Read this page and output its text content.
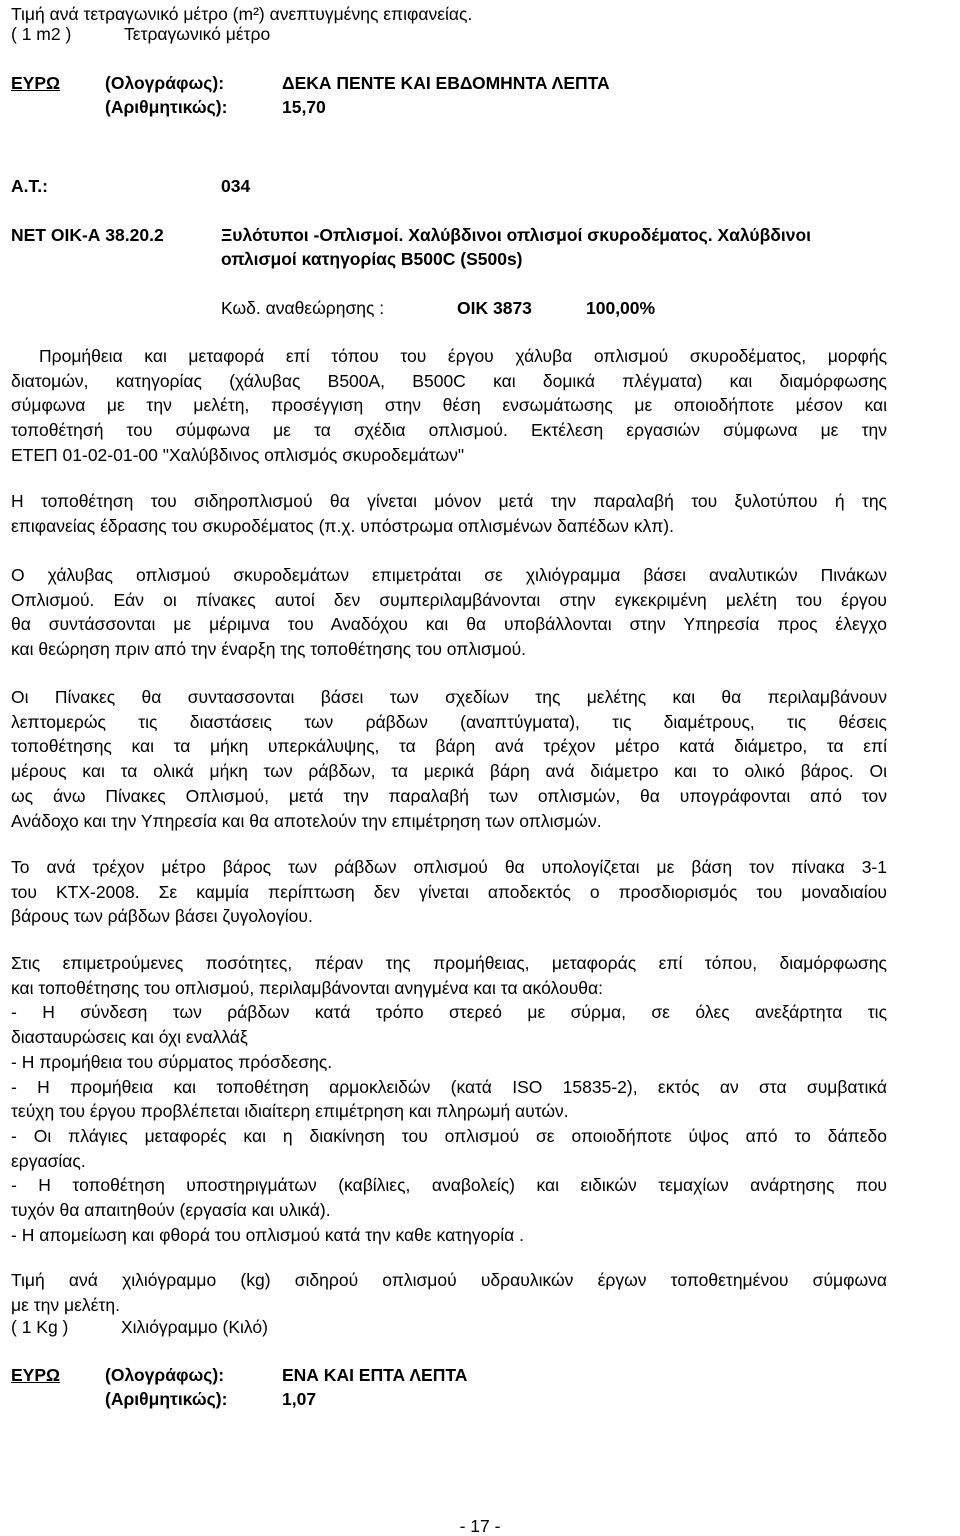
Τιμή ανά τετραγωνικό μέτρο (m²) ανεπτυγμένης επιφανείας.
( 1 m2 )	Τετραγωνικό μέτρο
ΕΥΡΩ	(Ολογράφως):	ΔΕΚΑ ΠΕΝΤΕ ΚΑΙ ΕΒΔΟΜΗΝΤΑ ΛΕΠΤΑ
(Αριθμητικώς):	15,70
Α.Τ.:	034
ΝΕΤ ΟΙΚ-Α 38.20.2	Ξυλότυποι -Οπλισμοί. Χαλύβδινοι οπλισμοί σκυροδέματος. Χαλύβδινοι
οπλισμοί κατηγορίας Β500C (S500s)
Κωδ. αναθεώρησης :	ΟΙΚ 3873	100,00%
Προμήθεια και μεταφορά επί τόπου του έργου χάλυβα οπλισμού σκυροδέματος, μορφής
διατομών, κατηγορίας (χάλυβας Β500Α, Β500C και δομικά πλέγματα) και διαμόρφωσης
σύμφωνα με την μελέτη, προσέγγιση στην θέση ενσωμάτωσης με οποιοδήποτε μέσον και
τοποθέτησή του σύμφωνα με τα σχέδια οπλισμού. Εκτέλεση εργασιών σύμφωνα με την
ΕΤΕΠ 01-02-01-00 "Χαλύβδινος οπλισμός σκυροδεμάτων"
Η τοποθέτηση του σιδηροπλισμού θα γίνεται μόνον μετά την παραλαβή του ξυλοτύπου ή της
επιφανείας έδρασης του σκυροδέματος (π.χ. υπόστρωμα οπλισμένων δαπέδων κλπ).
Ο χάλυβας οπλισμού σκυροδεμάτων επιμετράται σε χιλιόγραμμα βάσει αναλυτικών Πινάκων
Οπλισμού. Εάν οι πίνακες αυτοί δεν συμπεριλαμβάνονται στην εγκεκριμένη μελέτη του έργου
θα συντάσσονται με μέριμνα του Αναδόχου και θα υποβάλλονται στην Υπηρεσία προς έλεγχο
και θεώρηση πριν από την έναρξη της τοποθέτησης του οπλισμού.
Οι Πίνακες θα συντασσονται βάσει των σχεδίων της μελέτης και θα περιλαμβάνουν
λεπτομερώς τις διαστάσεις των ράβδων (αναπτύγματα), τις διαμέτρους, τις θέσεις
τοποθέτησης και τα μήκη υπερκάλυψης, τα βάρη ανά τρέχον μέτρο κατά διάμετρο, τα επί
μέρους και τα ολικά μήκη των ράβδων, τα μερικά βάρη ανά διάμετρο και το ολικό βάρος. Οι
ως άνω Πίνακες Οπλισμού, μετά την παραλαβή των οπλισμών, θα υπογράφονται από τον
Ανάδοχο και την Υπηρεσία και θα αποτελούν την επιμέτρηση των οπλισμών.
Το ανά τρέχον μέτρο βάρος των ράβδων οπλισμού θα υπολογίζεται με βάση τον πίνακα 3-1
του ΚΤΧ-2008. Σε καμμία περίπτωση δεν γίνεται αποδεκτός ο προσδιορισμός του μοναδιαίου
βάρους των ράβδων βάσει ζυγολογίου.
Στις επιμετρούμενες ποσότητες, πέραν της προμήθειας, μεταφοράς επί τόπου, διαμόρφωσης
και τοποθέτησης του οπλισμού, περιλαμβάνονται ανηγμένα και τα ακόλουθα:
- Η σύνδεση των ράβδων κατά τρόπο στερεό με σύρμα, σε όλες ανεξάρτητα τις
διασταυρώσεις και όχι εναλλάξ
- Η προμήθεια του σύρματος πρόσδεσης.
- Η προμήθεια και τοποθέτηση αρμοκλειδών (κατά ISO 15835-2), εκτός αν στα συμβατικά
τεύχη του έργου προβλέπεται ιδιαίτερη επιμέτρηση και πληρωμή αυτών.
- Οι πλάγιες μεταφορές και η διακίνηση του οπλισμού σε οποιοδήποτε ύψος από το δάπεδο
εργασίας.
- Η τοποθέτηση υποστηριγμάτων (καβίλιες, αναβολείς) και ειδικών τεμαχίων ανάρτησης που
τυχόν θα απαιτηθούν (εργασία και υλικά).
- Η απομείωση και φθορά του οπλισμού κατά την καθε κατηγορία .
Τιμή ανά χιλιόγραμμο (kg) σιδηρού οπλισμού υδραυλικών έργων τοποθετημένου σύμφωνα
με την μελέτη.
( 1 Kg )	Χιλιόγραμμο (Κιλό)
ΕΥΡΩ	(Ολογράφως):	ΕΝΑ ΚΑΙ ΕΠΤΑ ΛΕΠΤΑ
(Αριθμητικώς):	1,07
- 17 -
